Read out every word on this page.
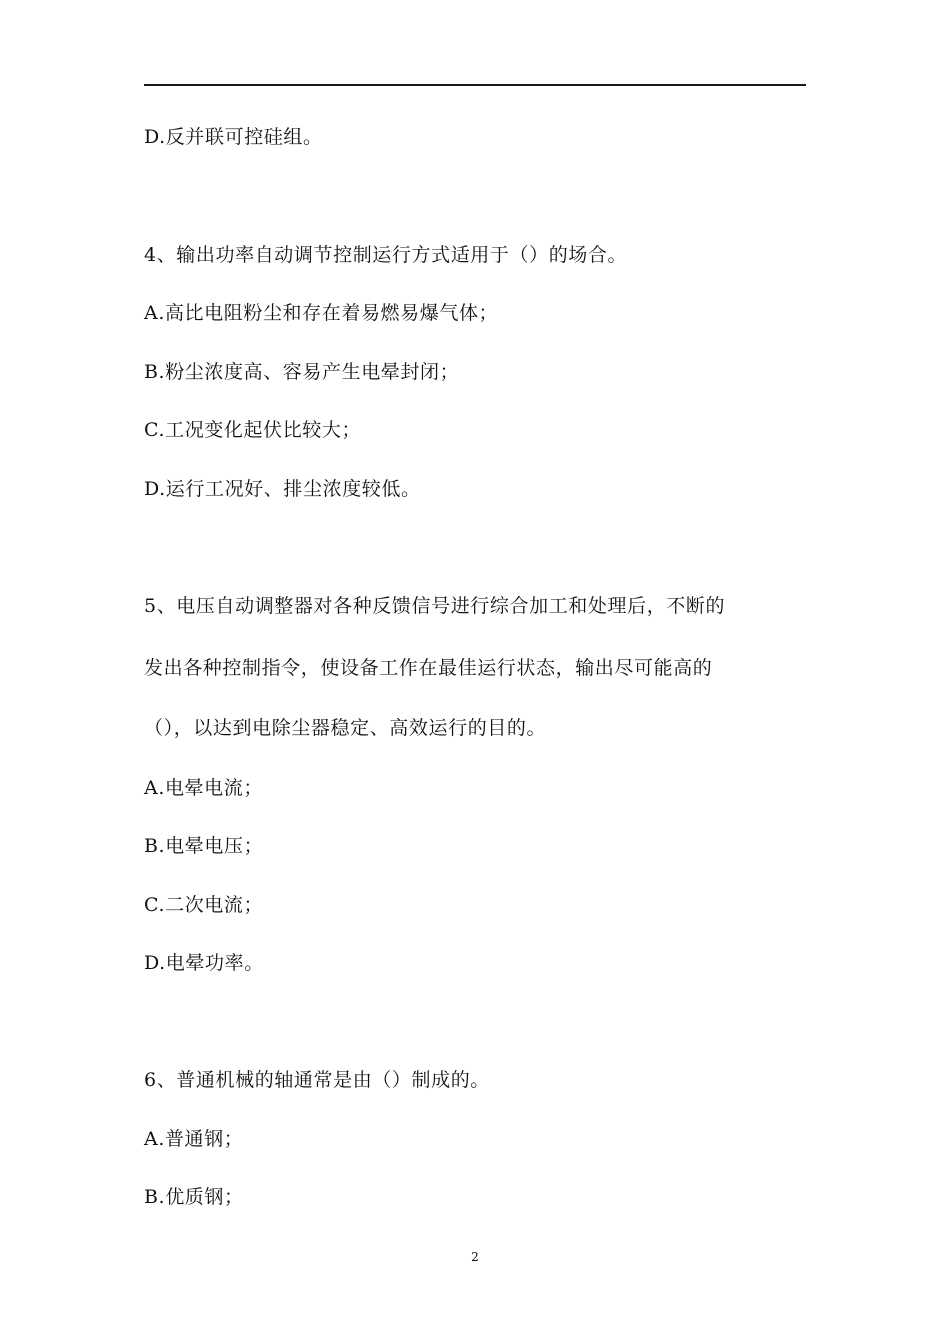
D.反并联可控硅组。
4、输出功率自动调节控制运行方式适用于（）的场合。
A.高比电阻粉尘和存在着易燃易爆气体；
B.粉尘浓度高、容易产生电晕封闭；
C.工况变化起伏比较大；
D.运行工况好、排尘浓度较低。
5、电压自动调整器对各种反馈信号进行综合加工和处理后，不断的
发出各种控制指令，使设备工作在最佳运行状态，输出尽可能高的
（），以达到电除尘器稳定、高效运行的目的。
A.电晕电流；
B.电晕电压；
C.二次电流；
D.电晕功率。
6、普通机械的轴通常是由（）制成的。
A.普通钢；
B.优质钢；
2
